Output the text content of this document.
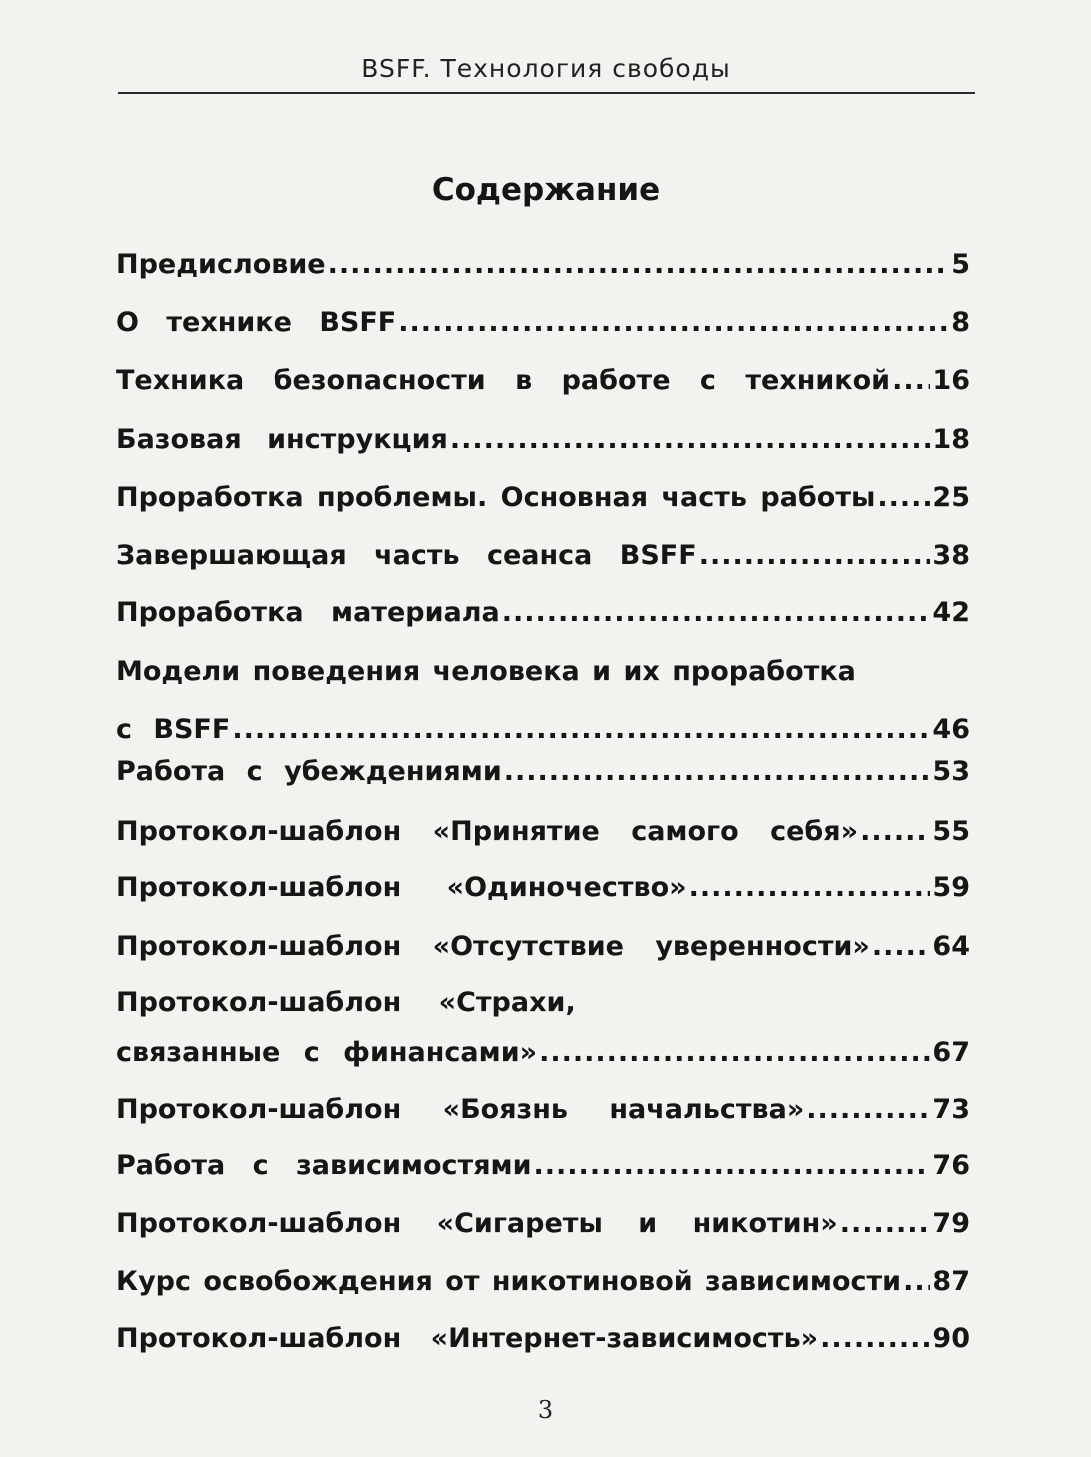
BSFF. Технология свободы
Содержание
Предисловие .....	5
О технике BSFF .....	8
Техника безопасности в работе с техникой ..... 16
Базовая инструкция .....	18
Проработка проблемы. Основная часть работы ..... 25
Завершающая часть сеанса BSFF .....	38
Проработка материала .....	42
Модели поведения человека и их проработка
с BSFF .....	46
Работа с убеждениями .....	53
Протокол-шаблон «Принятие самого себя» .....	55
Протокол-шаблон «Одиночество» .....	59
Протокол-шаблон «Отсутствие уверенности» ..... 64
Протокол-шаблон «Страхи,
связанные с финансами» .....	67
Протокол-шаблон «Боязнь начальства» .....	73
Работа с зависимостями .....	76
Протокол-шаблон «Сигареты и никотин» .....	79
Курс освобождения от никотиновой зависимости ..... 87
Протокол-шаблон «Интернет-зависимость» .....	90
3
